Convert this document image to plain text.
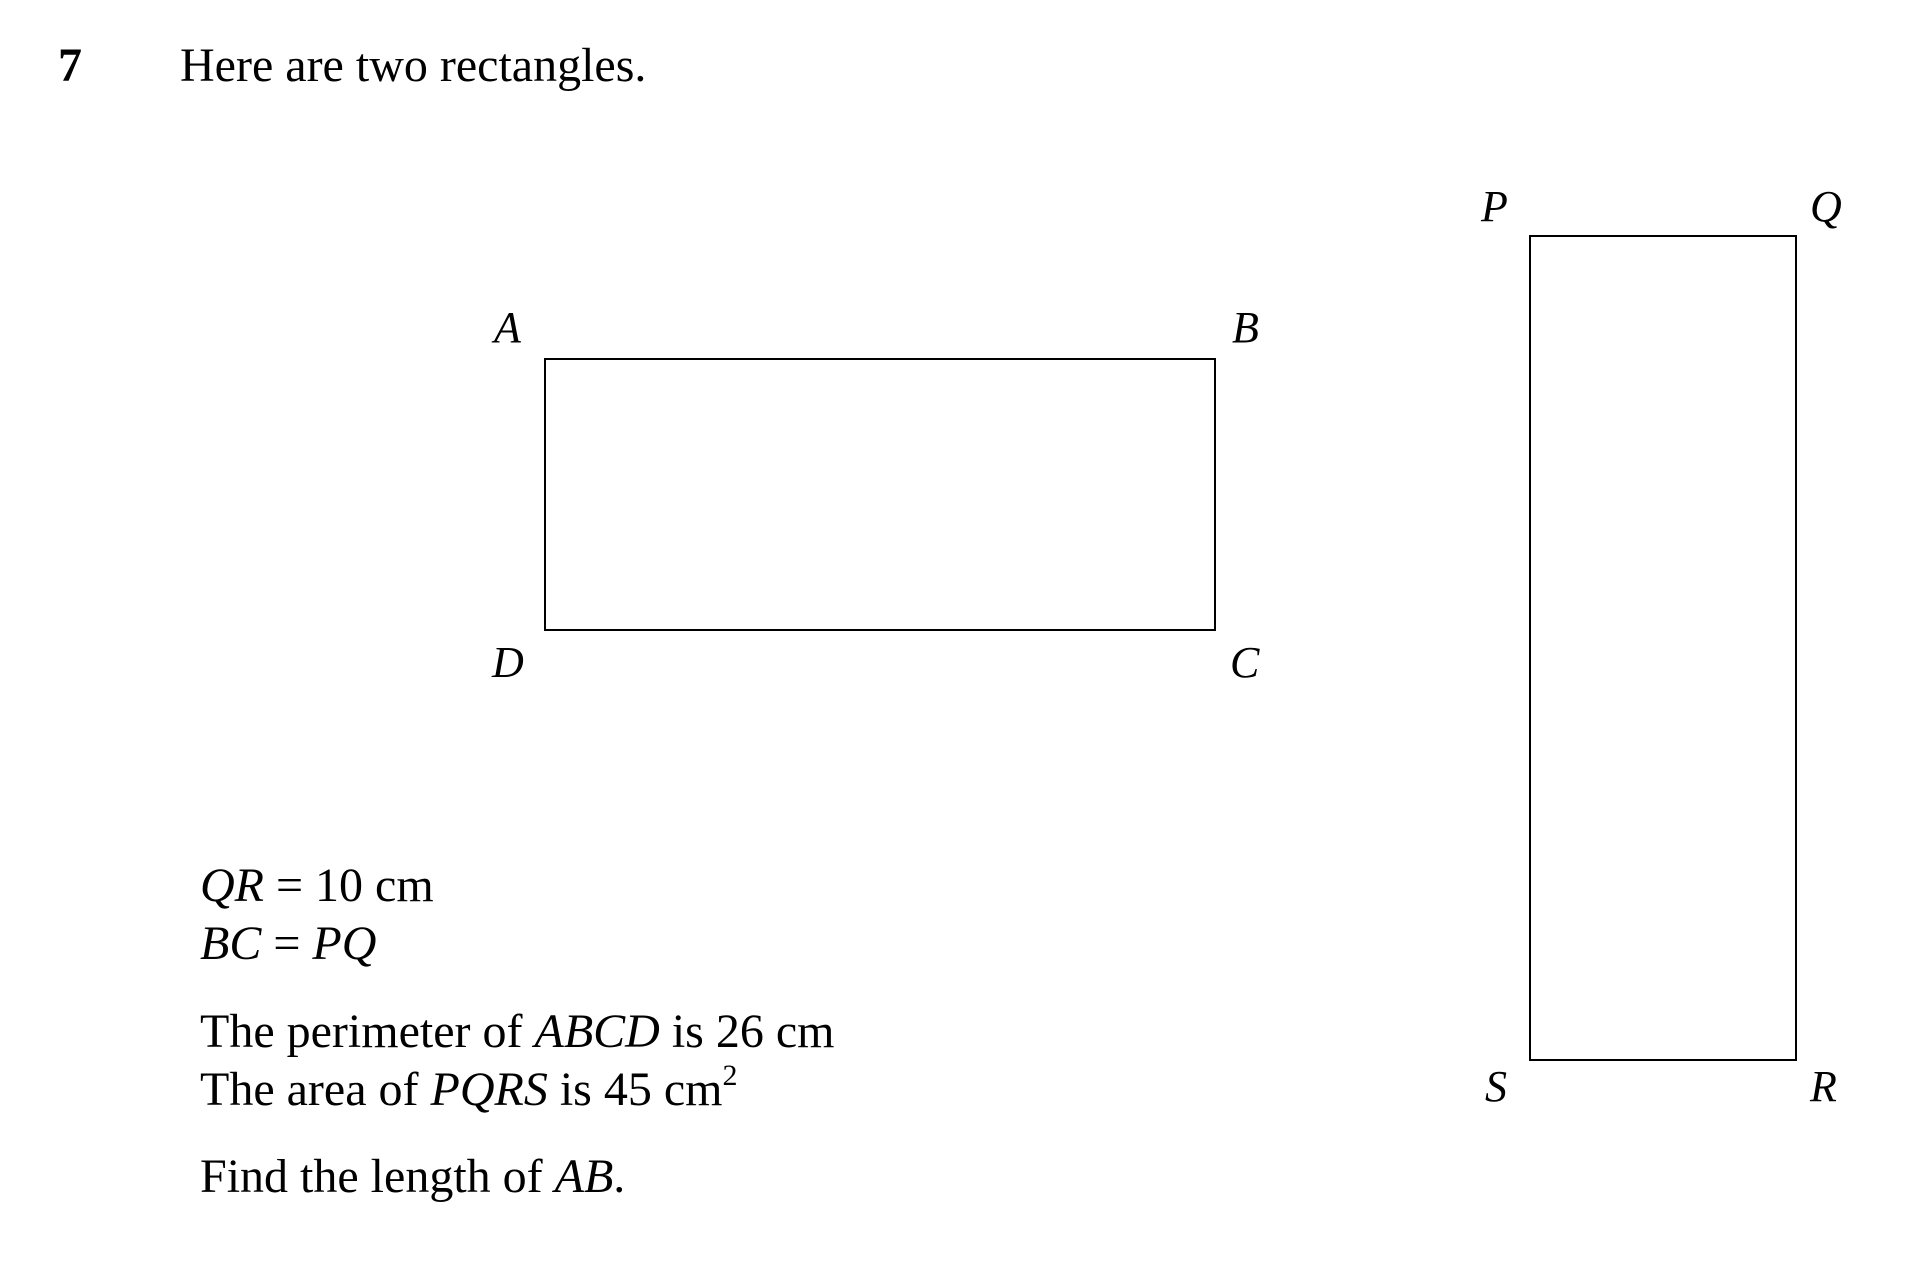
7 Here are two rectangles.
A	B
C
D
P	Q
R
S
QR = 10 cm
BC = PQ
The perimeter of ABCD is 26 cm
The area of PQRS is 45 $cm^2$
Find the length of AB.
